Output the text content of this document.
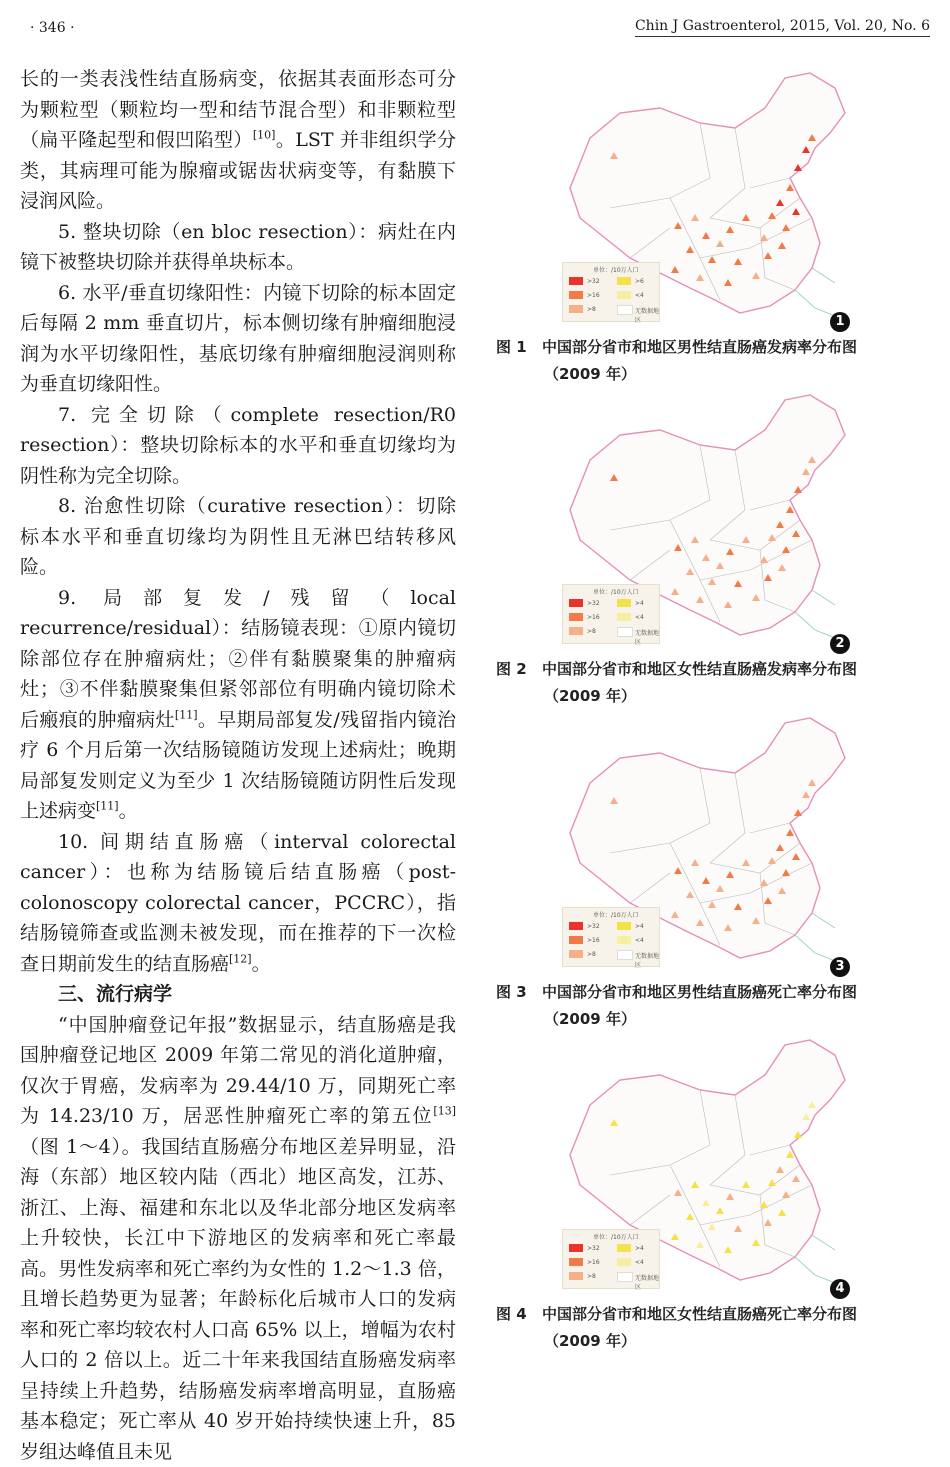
· 346 ·	Chin J Gastroenterol, 2015, Vol. 20, No. 6

长的一类表浅性结直肠病变，依据其表面形态可分为颗粒型（颗粒均一型和结节混合型）和非颗粒型（扁平隆起型和假凹陷型）[10]。LST 并非组织学分类，其病理可能为腺瘤或锯齿状病变等，有黏膜下浸润风险。

5. 整块切除（en bloc resection）：病灶在内镜下被整块切除并获得单块标本。

6. 水平/垂直切缘阳性：内镜下切除的标本固定后每隔 2 mm 垂直切片，标本侧切缘有肿瘤细胞浸润为水平切缘阳性，基底切缘有肿瘤细胞浸润则称为垂直切缘阳性。

7. 完全切除（complete resection/R0 resection）：整块切除标本的水平和垂直切缘均为阴性称为完全切除。

8. 治愈性切除（curative resection）：切除标本水平和垂直切缘均为阴性且无淋巴结转移风险。

9. 局部复发/残留（local recurrence/residual）：结肠镜表现：①原内镜切除部位存在肿瘤病灶；②伴有黏膜聚集的肿瘤病灶；③不伴黏膜聚集但紧邻部位有明确内镜切除术后瘢痕的肿瘤病灶[11]。早期局部复发/残留指内镜治疗 6 个月后第一次结肠镜随访发现上述病灶；晚期局部复发则定义为至少 1 次结肠镜随访阴性后发现上述病变[11]。

10. 间期结直肠癌（interval colorectal cancer）：也称为结肠镜后结直肠癌（post-colonoscopy colorectal cancer，PCCRC），指结肠镜筛查或监测未被发现，而在推荐的下一次检查日期前发生的结直肠癌[12]。

三、流行病学

“中国肿瘤登记年报”数据显示，结直肠癌是我国肿瘤登记地区 2009 年第二常见的消化道肿瘤，仅次于胃癌，发病率为 29.44/10 万，同期死亡率为 14.23/10 万，居恶性肿瘤死亡率的第五位[13]（图 1～4）。我国结直肠癌分布地区差异明显，沿海（东部）地区较内陆（西北）地区高发，江苏、浙江、上海、福建和东北以及华北部分地区发病率上升较快，长江中下游地区的发病率和死亡率最高。男性发病率和死亡率约为女性的 1.2～1.3 倍，且增长趋势更为显著；年龄标化后城市人口的发病率和死亡率均较农村人口高 65% 以上，增幅为农村人口的 2 倍以上。近二十年来我国结直肠癌发病率呈持续上升趋势，结肠癌发病率增高明显，直肠癌基本稳定；死亡率从 40 岁开始持续快速上升，85 岁组达峰值且未见

单位：/10万人口
>32
>16
>8
>6
<4
无数据地区	1
图 1 中国部分省市和地区男性结直肠癌发病率分布图
（2009 年）
单位：/10万人口
>32
>16
>8
>4
<4
无数据地区	2
图 2 中国部分省市和地区女性结直肠癌发病率分布图
（2009 年）
单位：/10万人口
>32
>16
>8
>4
<4
无数据地区	3
图 3 中国部分省市和地区男性结直肠癌死亡率分布图
（2009 年）
单位：/10万人口
>32
>16
>8
>4
<4
无数据地区	4
图 4 中国部分省市和地区女性结直肠癌死亡率分布图
（2009 年）
